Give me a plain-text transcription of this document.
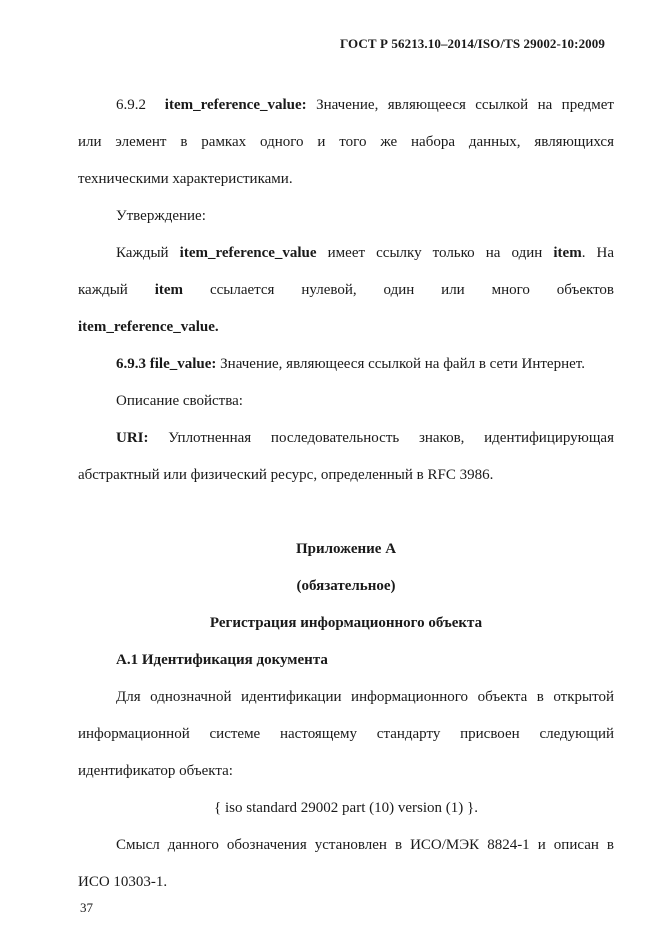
ГОСТ Р 56213.10–2014/ISO/TS 29002-10:2009
6.9.2 item_reference_value: Значение, являющееся ссылкой на предмет
или элемент в рамках одного и того же набора данных, являющихся
техническими характеристиками.
Утверждение:
Каждый item_reference_value имеет ссылку только на один item. На
каждый item ссылается нулевой, один или много объектов
item_reference_value.
6.9.3 file_value: Значение, являющееся ссылкой на файл в сети Интернет.
Описание свойства:
URI: Уплотненная последовательность знаков, идентифицирующая
абстрактный или физический ресурс, определенный в RFC 3986.
Приложение А
(обязательное)
Регистрация информационного объекта
А.1 Идентификация документа
Для однозначной идентификации информационного объекта в открытой
информационной системе настоящему стандарту присвоен следующий
идентификатор объекта:
{ iso standard 29002 part (10) version (1) }.
Смысл данного обозначения установлен в ИСО/МЭК 8824-1 и описан в
ИСО 10303-1.
37
